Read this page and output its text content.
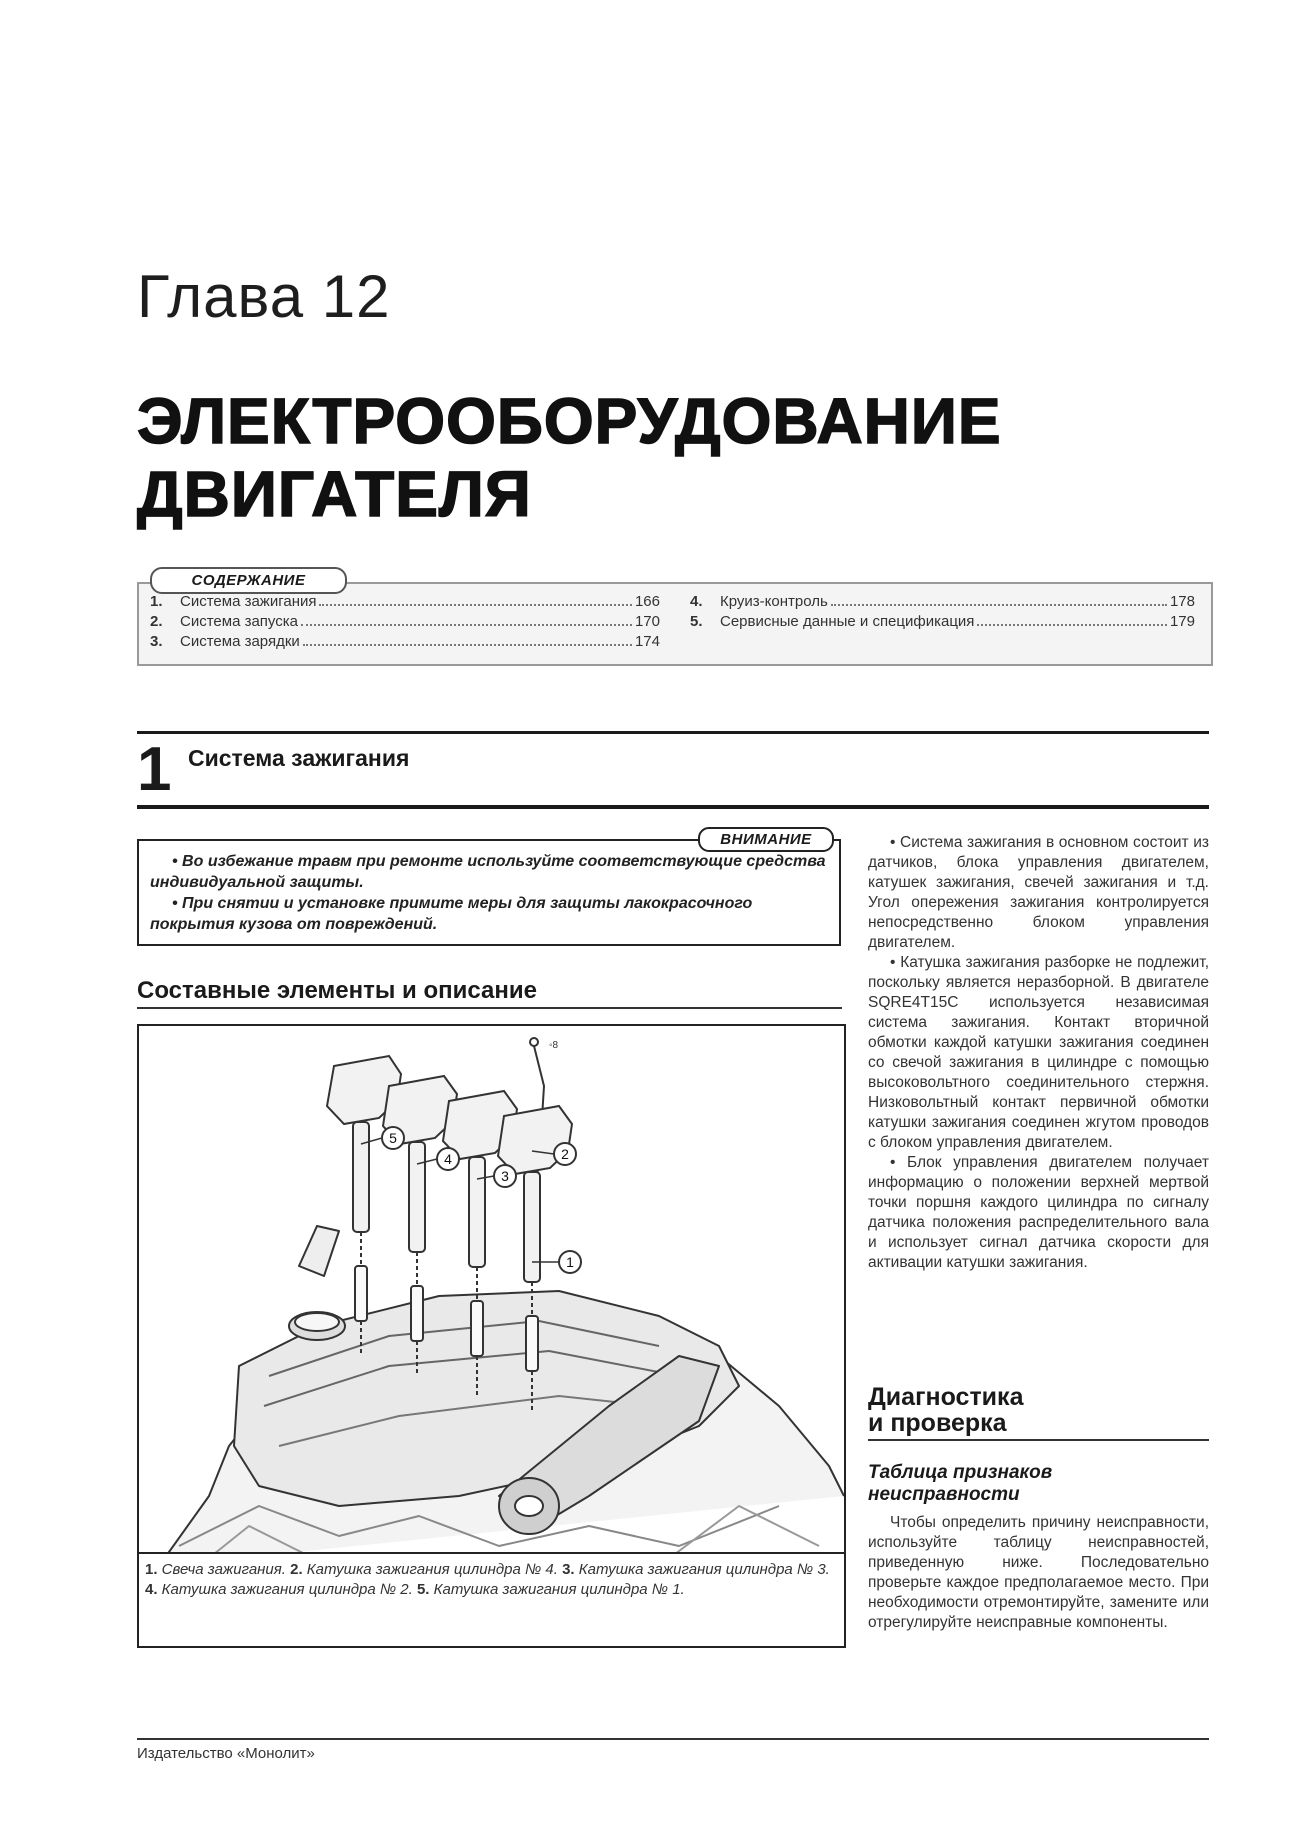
Глава 12
ЭЛЕКТРООБОРУДОВАНИЕ
ДВИГАТЕЛЯ
СОДЕРЖАНИЕ
1.	Система зажигания	166
2.	Система запуска	170
3.	Система зарядки	174
4.	Круиз-контроль	178
5.	Сервисные данные и спецификация	179
1 Система зажигания
ВНИМАНИЕ

• Во избежание травм при ремонте используйте соответствующие средства индивидуальной защиты.

• При снятии и установке примите меры для защиты лакокрасочного покрытия кузова от повреждений.

Составные элементы и описание
5
4
3
2
1
◦8
1. Свеча зажигания. 2. Катушка зажигания цилиндра № 4. 3. Катушка зажигания цилиндра № 3. 4. Катушка зажигания цилиндра № 2. 5. Катушка зажигания цилиндра № 1.

• Система зажигания в основном состоит из датчиков, блока управления двигателем, катушек зажигания, свечей зажигания и т.д. Угол опережения зажигания контролируется непосредственно блоком управления двигателем.

• Катушка зажигания разборке не подлежит, поскольку является неразборной. В двигателе SQRE4T15C используется независимая система зажигания. Контакт вторичной обмотки каждой катушки зажигания соединен со свечой зажигания в цилиндре с помощью высоковольтного соединительного стержня. Низковольтный контакт первичной обмотки катушки зажигания соединен жгутом проводов с блоком управления двигателем.

• Блок управления двигателем получает информацию о положении верхней мертвой точки поршня каждого цилиндра по сигналу датчика положения распределительного вала и использует сигнал датчика скорости для активации катушки зажигания.

Диагностика
и проверка
Таблица признаков
неисправности

Чтобы определить причину неисправности, используйте таблицу неисправностей, приведенную ниже. Последовательно проверьте каждое предполагаемое место. При необходимости отремонтируйте, замените или отрегулируйте неисправные компоненты.

Издательство «Монолит»
